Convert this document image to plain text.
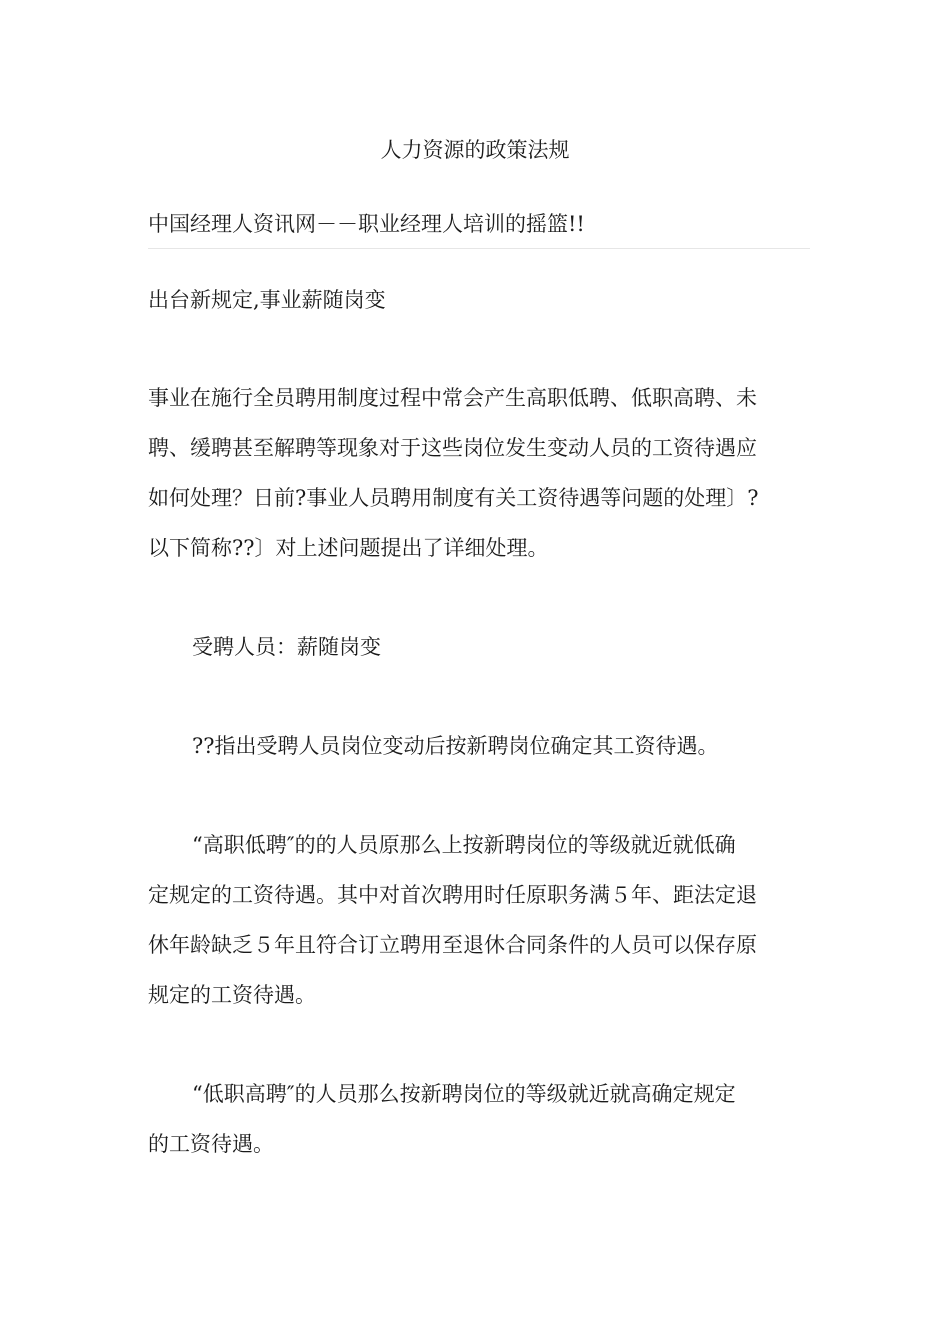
人力资源的政策法规
中国经理人资讯网－－职业经理人培训的摇篮!!

出台新规定,事业薪随岗变

事业在施行全员聘用制度过程中常会产生高职低聘、低职高聘、未

聘、缓聘甚至解聘等现象对于这些岗位发生变动人员的工资待遇应

如何处理？日前?事业人员聘用制度有关工资待遇等问题的处理〕?

以下简称??〕对上述问题提出了详细处理。

受聘人员：薪随岗变

??指出受聘人员岗位变动后按新聘岗位确定其工资待遇。

“高职低聘″的的人员原那么上按新聘岗位的等级就近就低确

定规定的工资待遇。其中对首次聘用时任原职务满５年、距法定退

休年龄缺乏５年且符合订立聘用至退休合同条件的人员可以保存原

规定的工资待遇。

“低职高聘″的人员那么按新聘岗位的等级就近就高确定规定

的工资待遇。
